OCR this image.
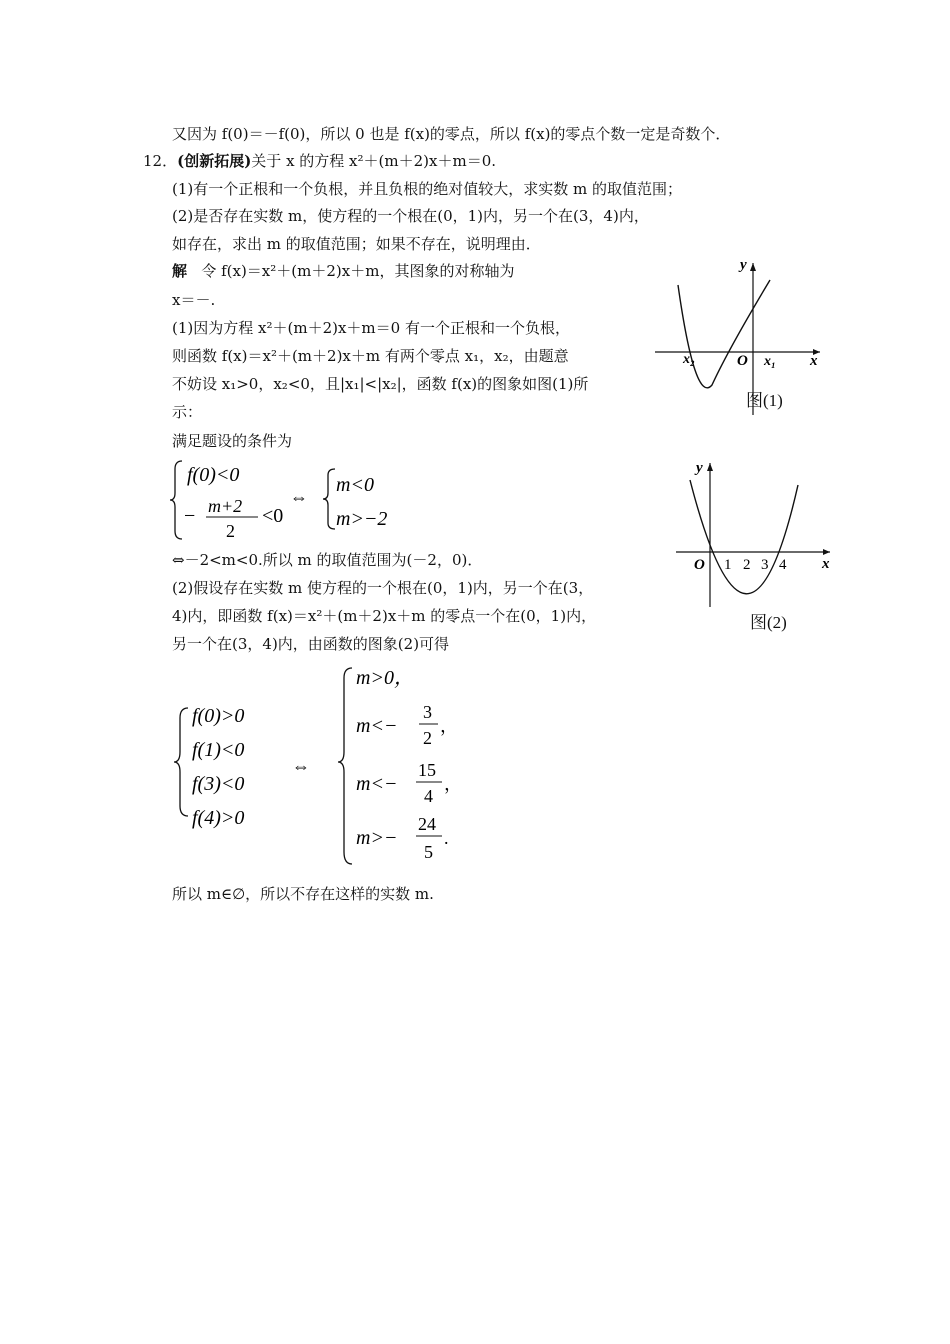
又因为 f(0)＝－f(0)，所以 0 也是 f(x)的零点，所以 f(x)的零点个数一定是奇数个．
12．(创新拓展)关于 x 的方程 x²＋(m＋2)x＋m＝0.
(1)有一个正根和一个负根，并且负根的绝对值较大，求实数 m 的取值范围；
(2)是否存在实数 m，使方程的一个根在(0，1)内，另一个在(3，4)内，
如存在，求出 m 的取值范围；如果不存在，说明理由．
解 令 f(x)＝x²＋(m＋2)x＋m，其图象的对称轴为
x＝－.
(1)因为方程 x²＋(m＋2)x＋m＝0 有一个正根和一个负根，
则函数 f(x)＝x²＋(m＋2)x＋m 有两个零点 x₁，x₂，由题意
不妨设 x₁>0，x₂<0，且|x₁|<|x₂|，函数 f(x)的图象如图(1)所
示：
满足题设的条件为
f(0)<0
− m+2
2
<0
⇔
m<0
m>−2
⇔－2<m<0.所以 m 的取值范围为(－2，0)．
(2)假设存在实数 m 使方程的一个根在(0，1)内，另一个在(3，
4)内，即函数 f(x)＝x²＋(m＋2)x＋m 的零点一个在(0，1)内，
另一个在(3，4)内，由函数的图象(2)可得
f(0)>0
f(1)<0
f(3)<0
f(4)>0
⇔
m>0，
m<−
3
2
，
m<−
15
4
，
m>−
24
5
.
所以 m∈∅，所以不存在这样的实数 m.
y
x
O x₁
x₂
图(1)
y
x
O 1 2 3 4
图(2)
